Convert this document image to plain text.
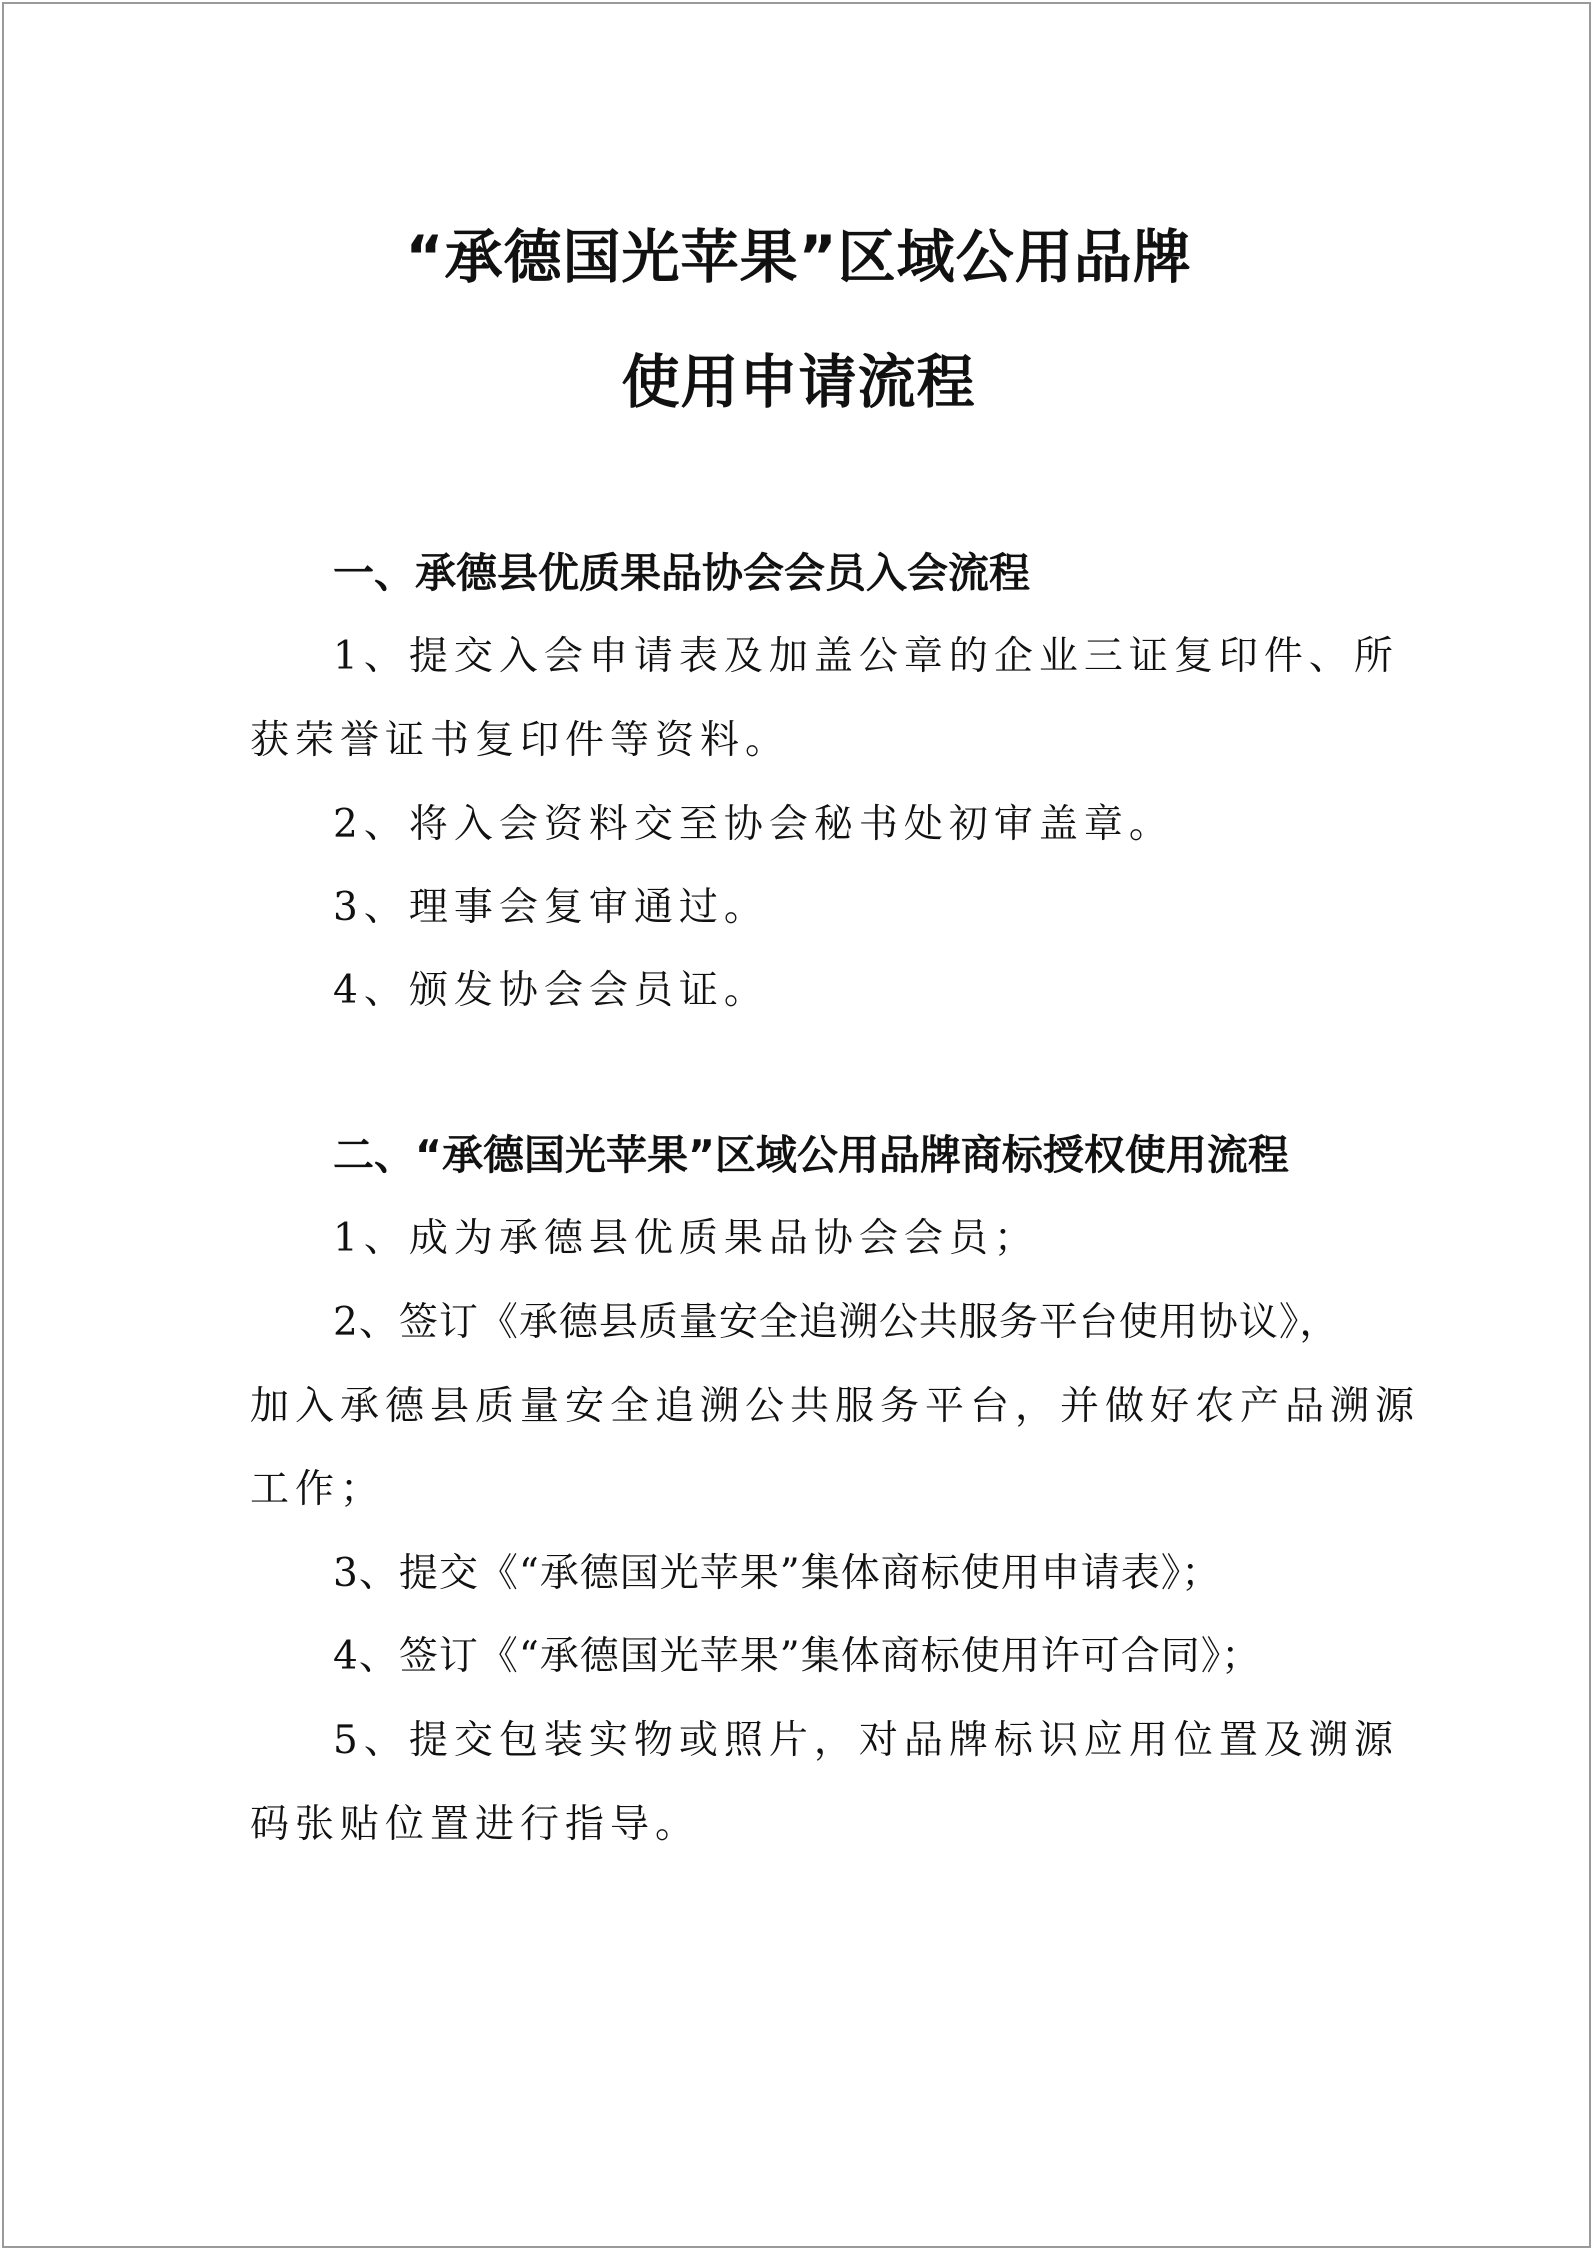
“承德国光苹果”区域公用品牌
使用申请流程
一、承德县优质果品协会会员入会流程
1、提交入会申请表及加盖公章的企业三证复印件、所
获荣誉证书复印件等资料。
2、将入会资料交至协会秘书处初审盖章。
3、理事会复审通过。
4、颁发协会会员证。
二、“承德国光苹果”区域公用品牌商标授权使用流程
1、成为承德县优质果品协会会员；
2、签订《承德县质量安全追溯公共服务平台使用协议》，
加入承德县质量安全追溯公共服务平台，并做好农产品溯源
工作；
3、提交《“承德国光苹果”集体商标使用申请表》；
4、签订《“承德国光苹果”集体商标使用许可合同》；
5、提交包装实物或照片，对品牌标识应用位置及溯源
码张贴位置进行指导。
